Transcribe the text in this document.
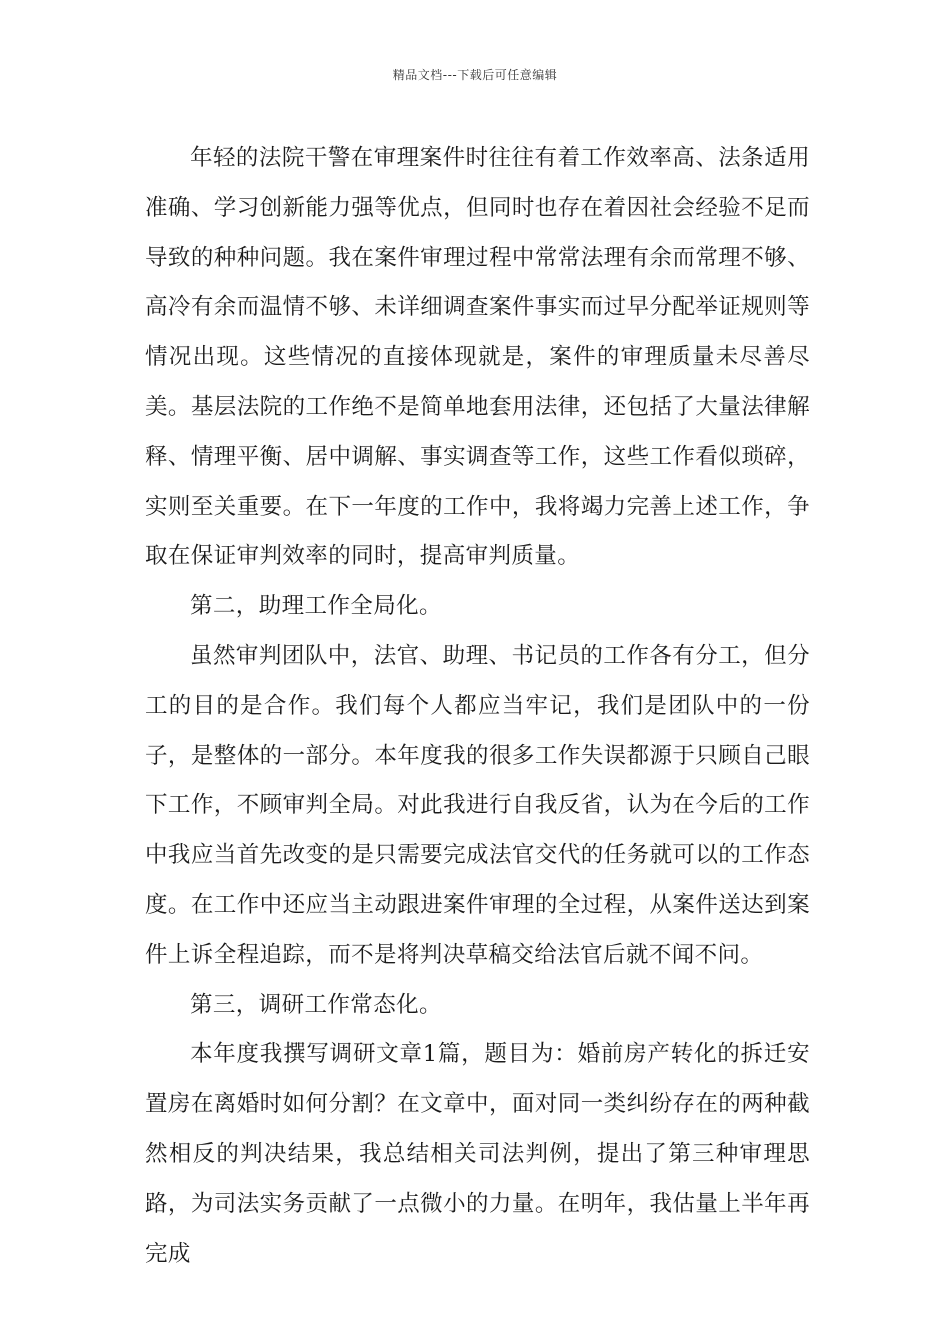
精品文档---下载后可任意编辑

年轻的法院干警在审理案件时往往有着工作效率高、法条适用准确、学习创新能力强等优点，但同时也存在着因社会经验不足而导致的种种问题。我在案件审理过程中常常法理有余而常理不够、高冷有余而温情不够、未详细调查案件事实而过早分配举证规则等情况出现。这些情况的直接体现就是，案件的审理质量未尽善尽美。基层法院的工作绝不是简单地套用法律，还包括了大量法律解释、情理平衡、居中调解、事实调查等工作，这些工作看似琐碎，实则至关重要。在下一年度的工作中，我将竭力完善上述工作，争取在保证审判效率的同时，提高审判质量。

第二，助理工作全局化。

虽然审判团队中，法官、助理、书记员的工作各有分工，但分工的目的是合作。我们每个人都应当牢记，我们是团队中的一份子，是整体的一部分。本年度我的很多工作失误都源于只顾自己眼下工作，不顾审判全局。对此我进行自我反省，认为在今后的工作中我应当首先改变的是只需要完成法官交代的任务就可以的工作态度。在工作中还应当主动跟进案件审理的全过程，从案件送达到案件上诉全程追踪，而不是将判决草稿交给法官后就不闻不问。

第三，调研工作常态化。

本年度我撰写调研文章1篇，题目为：婚前房产转化的拆迁安置房在离婚时如何分割？在文章中，面对同一类纠纷存在的两种截然相反的判决结果，我总结相关司法判例，提出了第三种审理思路，为司法实务贡献了一点微小的力量。在明年，我估量上半年再完成
